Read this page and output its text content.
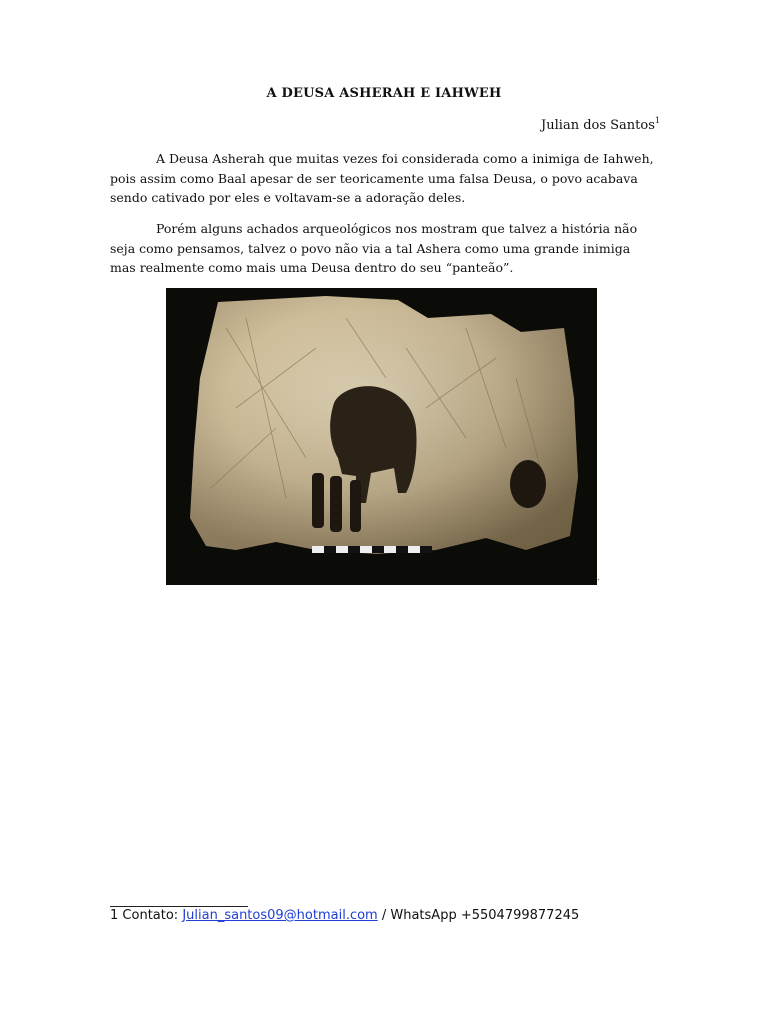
A DEUSA ASHERAH E IAHWEH
Julian dos Santos$^1$

A Deusa Asherah que muitas vezes foi considerada como a inimiga de Iahweh, pois assim como Baal apesar de ser teoricamente uma falsa Deusa, o povo acabava sendo cativado por eles e voltavam-se a adoração deles.

Porém alguns achados arqueológicos nos mostram que talvez a história não seja como pensamos, talvez o povo não via a tal Ashera como uma grande inimiga mas realmente como mais uma Deusa dentro do seu “panteão”.

.
1 Contato: Julian_santos09@hotmail.com / WhatsApp +5504799877245
